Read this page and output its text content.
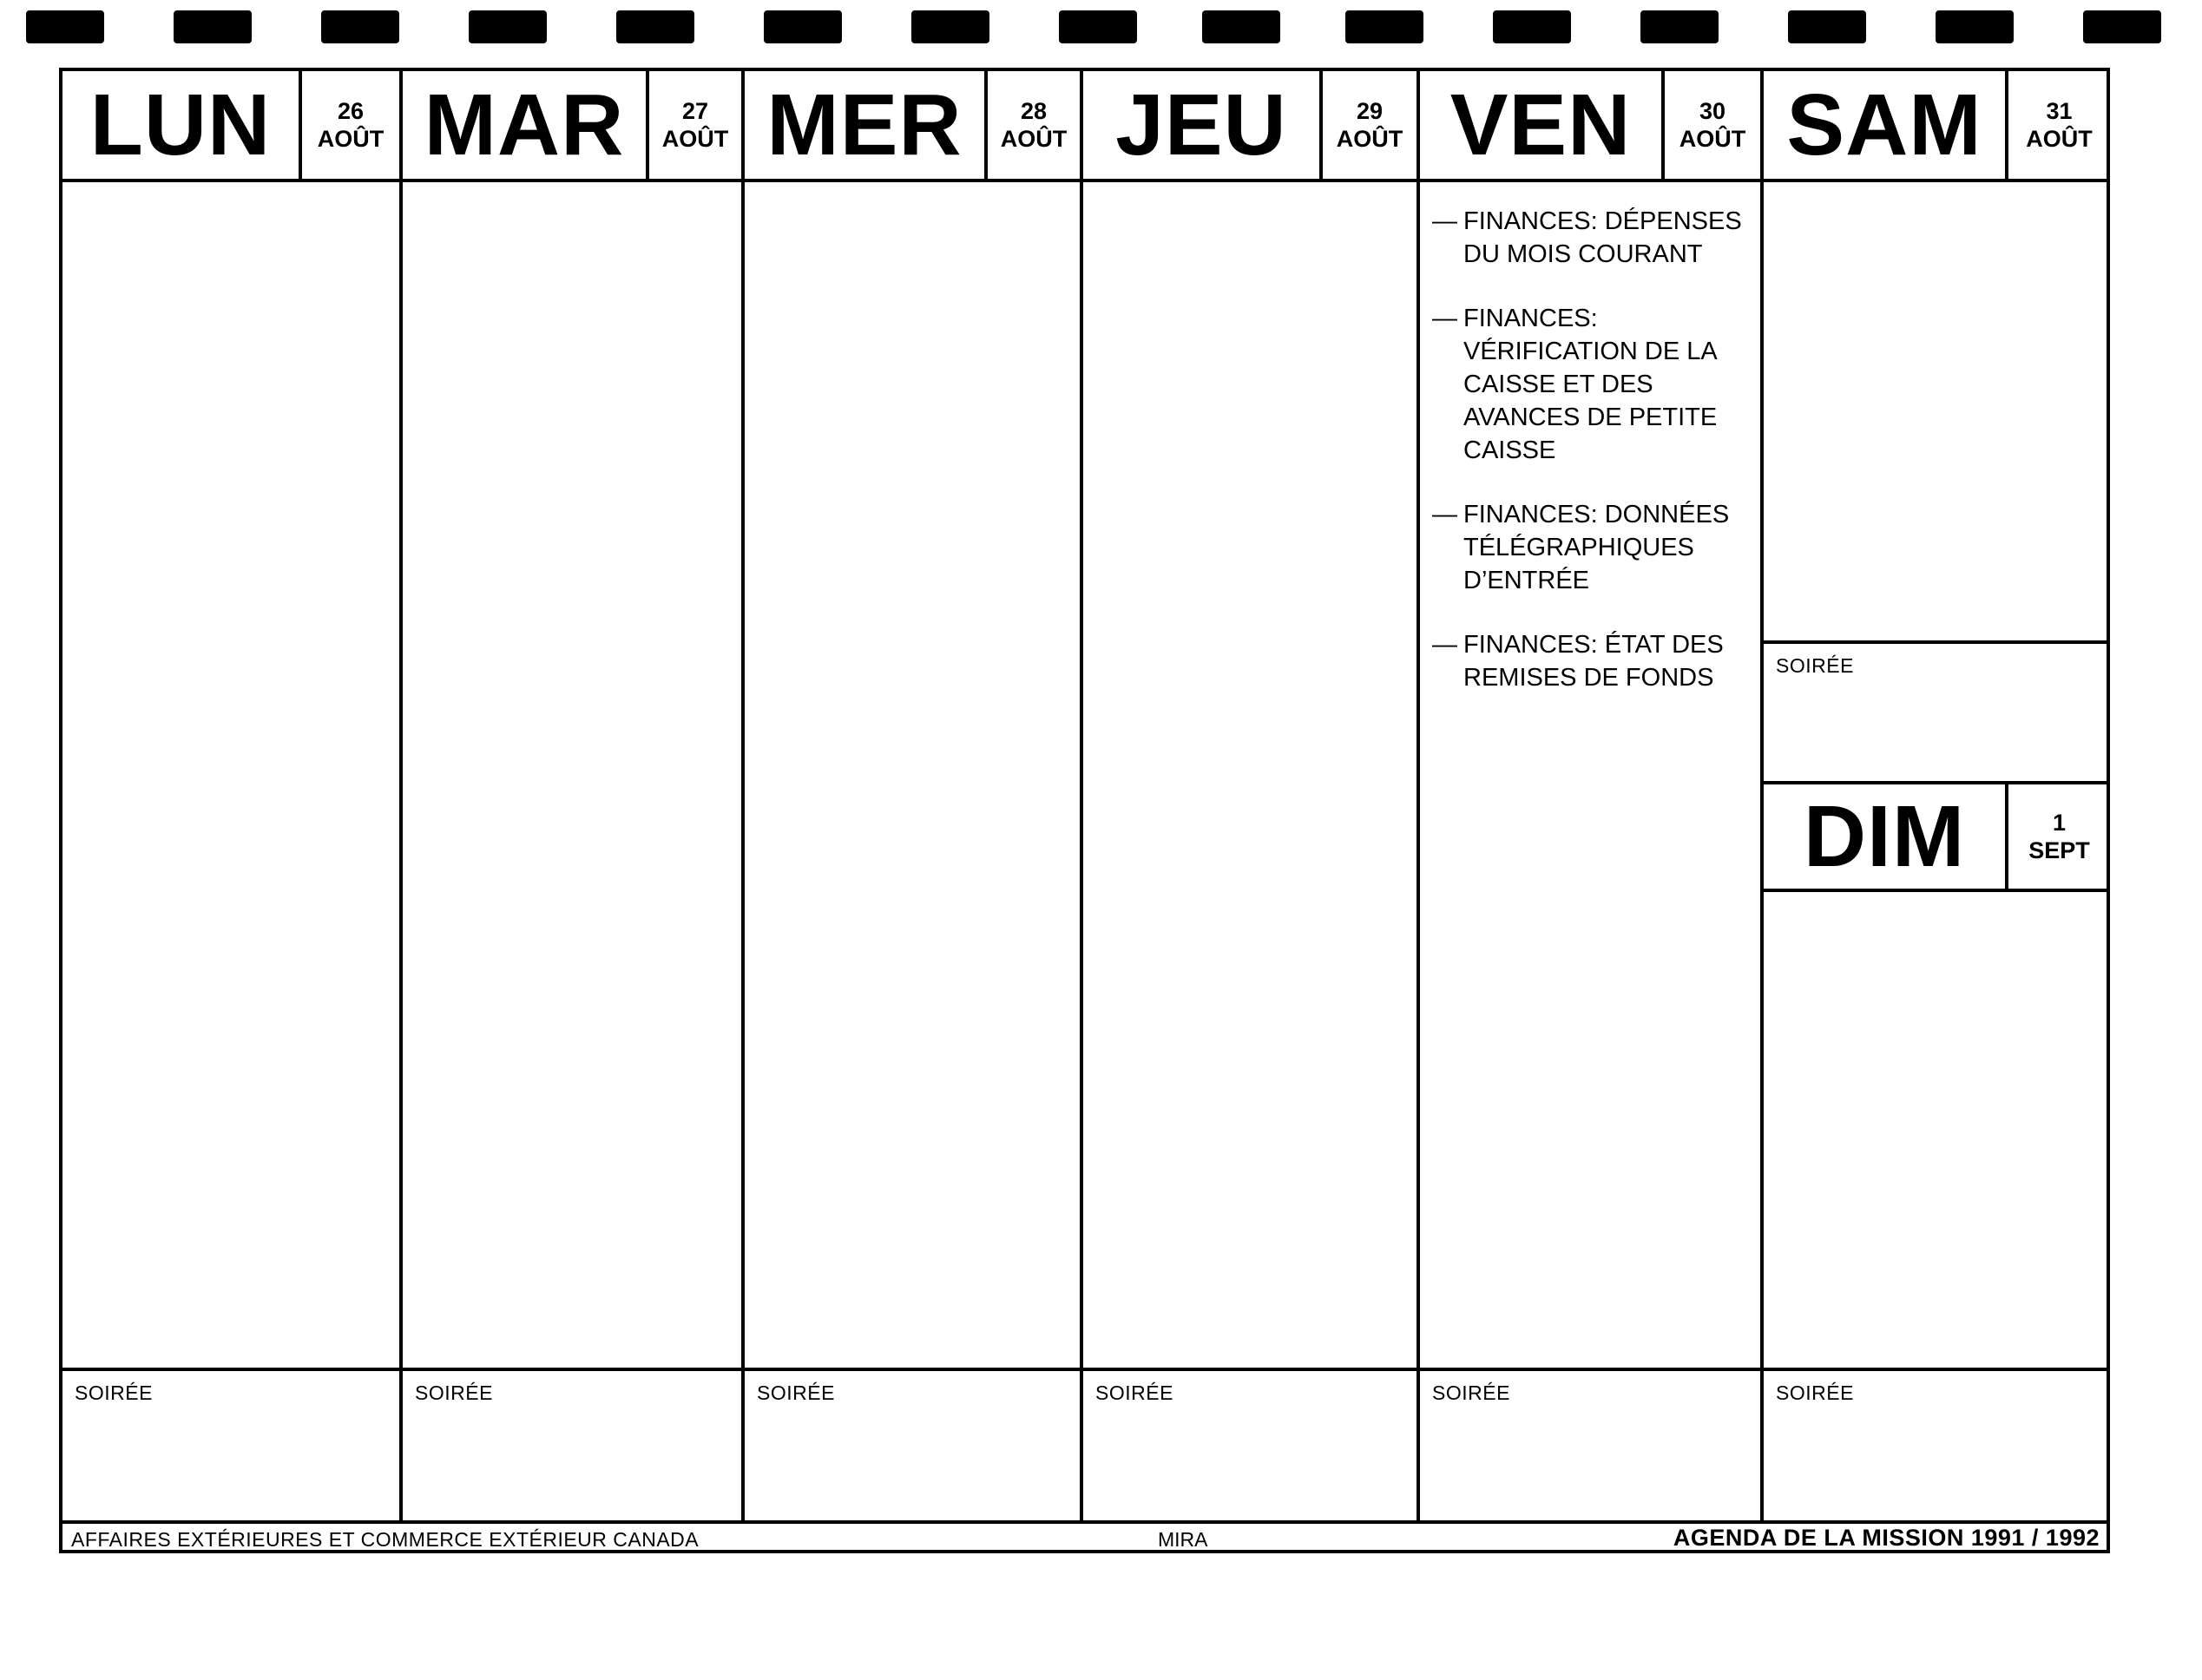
LUN	26
AOÛT
SOIRÉE
MAR	27
AOÛT
SOIRÉE
MER	28
AOÛT
SOIRÉE
JEU	29
AOÛT
SOIRÉE
VEN	30
AOÛT
— FINANCES: DÉPENSES
DU MOIS COURANT
— FINANCES:
VÉRIFICATION DE LA
CAISSE ET DES
AVANCES DE PETITE
CAISSE
— FINANCES: DONNÉES
TÉLÉGRAPHIQUES
D’ENTRÉE
— FINANCES: ÉTAT DES
REMISES DE FONDS
SOIRÉE
SAM	31
AOÛT
SOIRÉE
DIM	1
SEPT
SOIRÉE
AFFAIRES EXTÉRIEURES ET COMMERCE EXTÉRIEUR CANADA	MIRA	AGENDA DE LA MISSION 1991 / 1992
